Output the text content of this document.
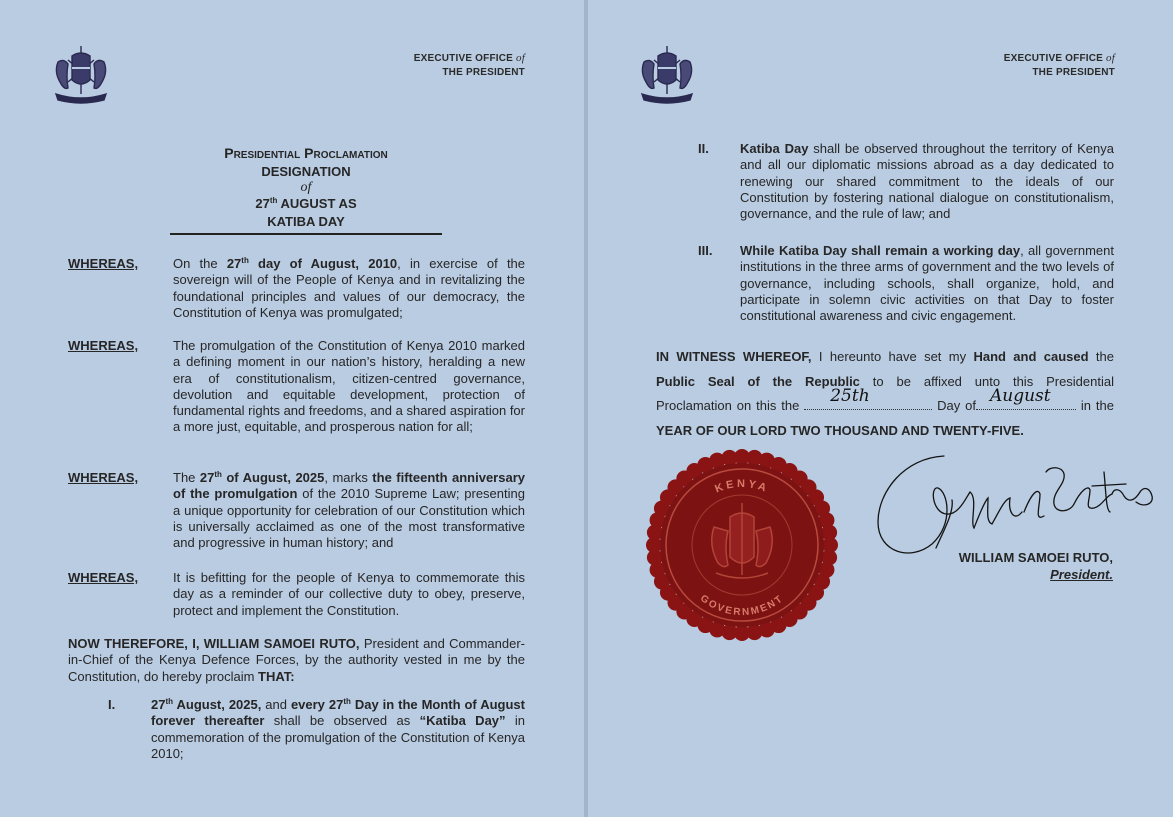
EXECUTIVE OFFICE of
THE PRESIDENT
Presidential Proclamation
DESIGNATION
of
27th AUGUST AS
KATIBA DAY
WHEREAS,	On the 27th day of August, 2010, in exercise of the sovereign will of the People of Kenya and in revitalizing the foundational principles and values of our democracy, the Constitution of Kenya was promulgated;
WHEREAS,	The promulgation of the Constitution of Kenya 2010 marked a defining moment in our nation’s history, heralding a new era of constitutionalism, citizen-centred governance, devolution and equitable development, protection of fundamental rights and freedoms, and a shared aspiration for a more just, equitable, and prosperous nation for all;
WHEREAS,	The 27th of August, 2025, marks the fifteenth anniversary of the promulgation of the 2010 Supreme Law; presenting a unique opportunity for celebration of our Constitution which is universally acclaimed as one of the most transformative and progressive in human history; and
WHEREAS,	It is befitting for the people of Kenya to commemorate this day as a reminder of our collective duty to obey, preserve, protect and implement the Constitution.
NOW THEREFORE, I, WILLIAM SAMOEI RUTO, President and Commander-in-Chief of the Kenya Defence Forces, by the authority vested in me by the Constitution, do hereby proclaim THAT:
I.	27th August, 2025, and every 27th Day in the Month of August forever thereafter shall be observed as “Katiba Day” in commemoration of the promulgation of the Constitution of Kenya 2010;
EXECUTIVE OFFICE of
THE PRESIDENT
II. Katiba Day shall be observed throughout the territory of Kenya and all our diplomatic missions abroad as a day dedicated to renewing our shared commitment to the ideals of our Constitution by fostering national dialogue on constitutionalism, governance, and the rule of law; and
III. While Katiba Day shall remain a working day, all government institutions in the three arms of government and the two levels of governance, including schools, shall organize, hold, and participate in solemn civic activities on that Day to foster constitutional awareness and civic engagement.
IN WITNESS WHEREOF, I hereunto have set my Hand and caused the
Public Seal of the Republic to be affixed unto this Presidential
Proclamation on this the 25th	Day of August in the
YEAR OF OUR LORD TWO THOUSAND AND TWENTY-FIVE.
KENYA
GOVERNMENT
WILLIAM SAMOEI RUTO,
President.
